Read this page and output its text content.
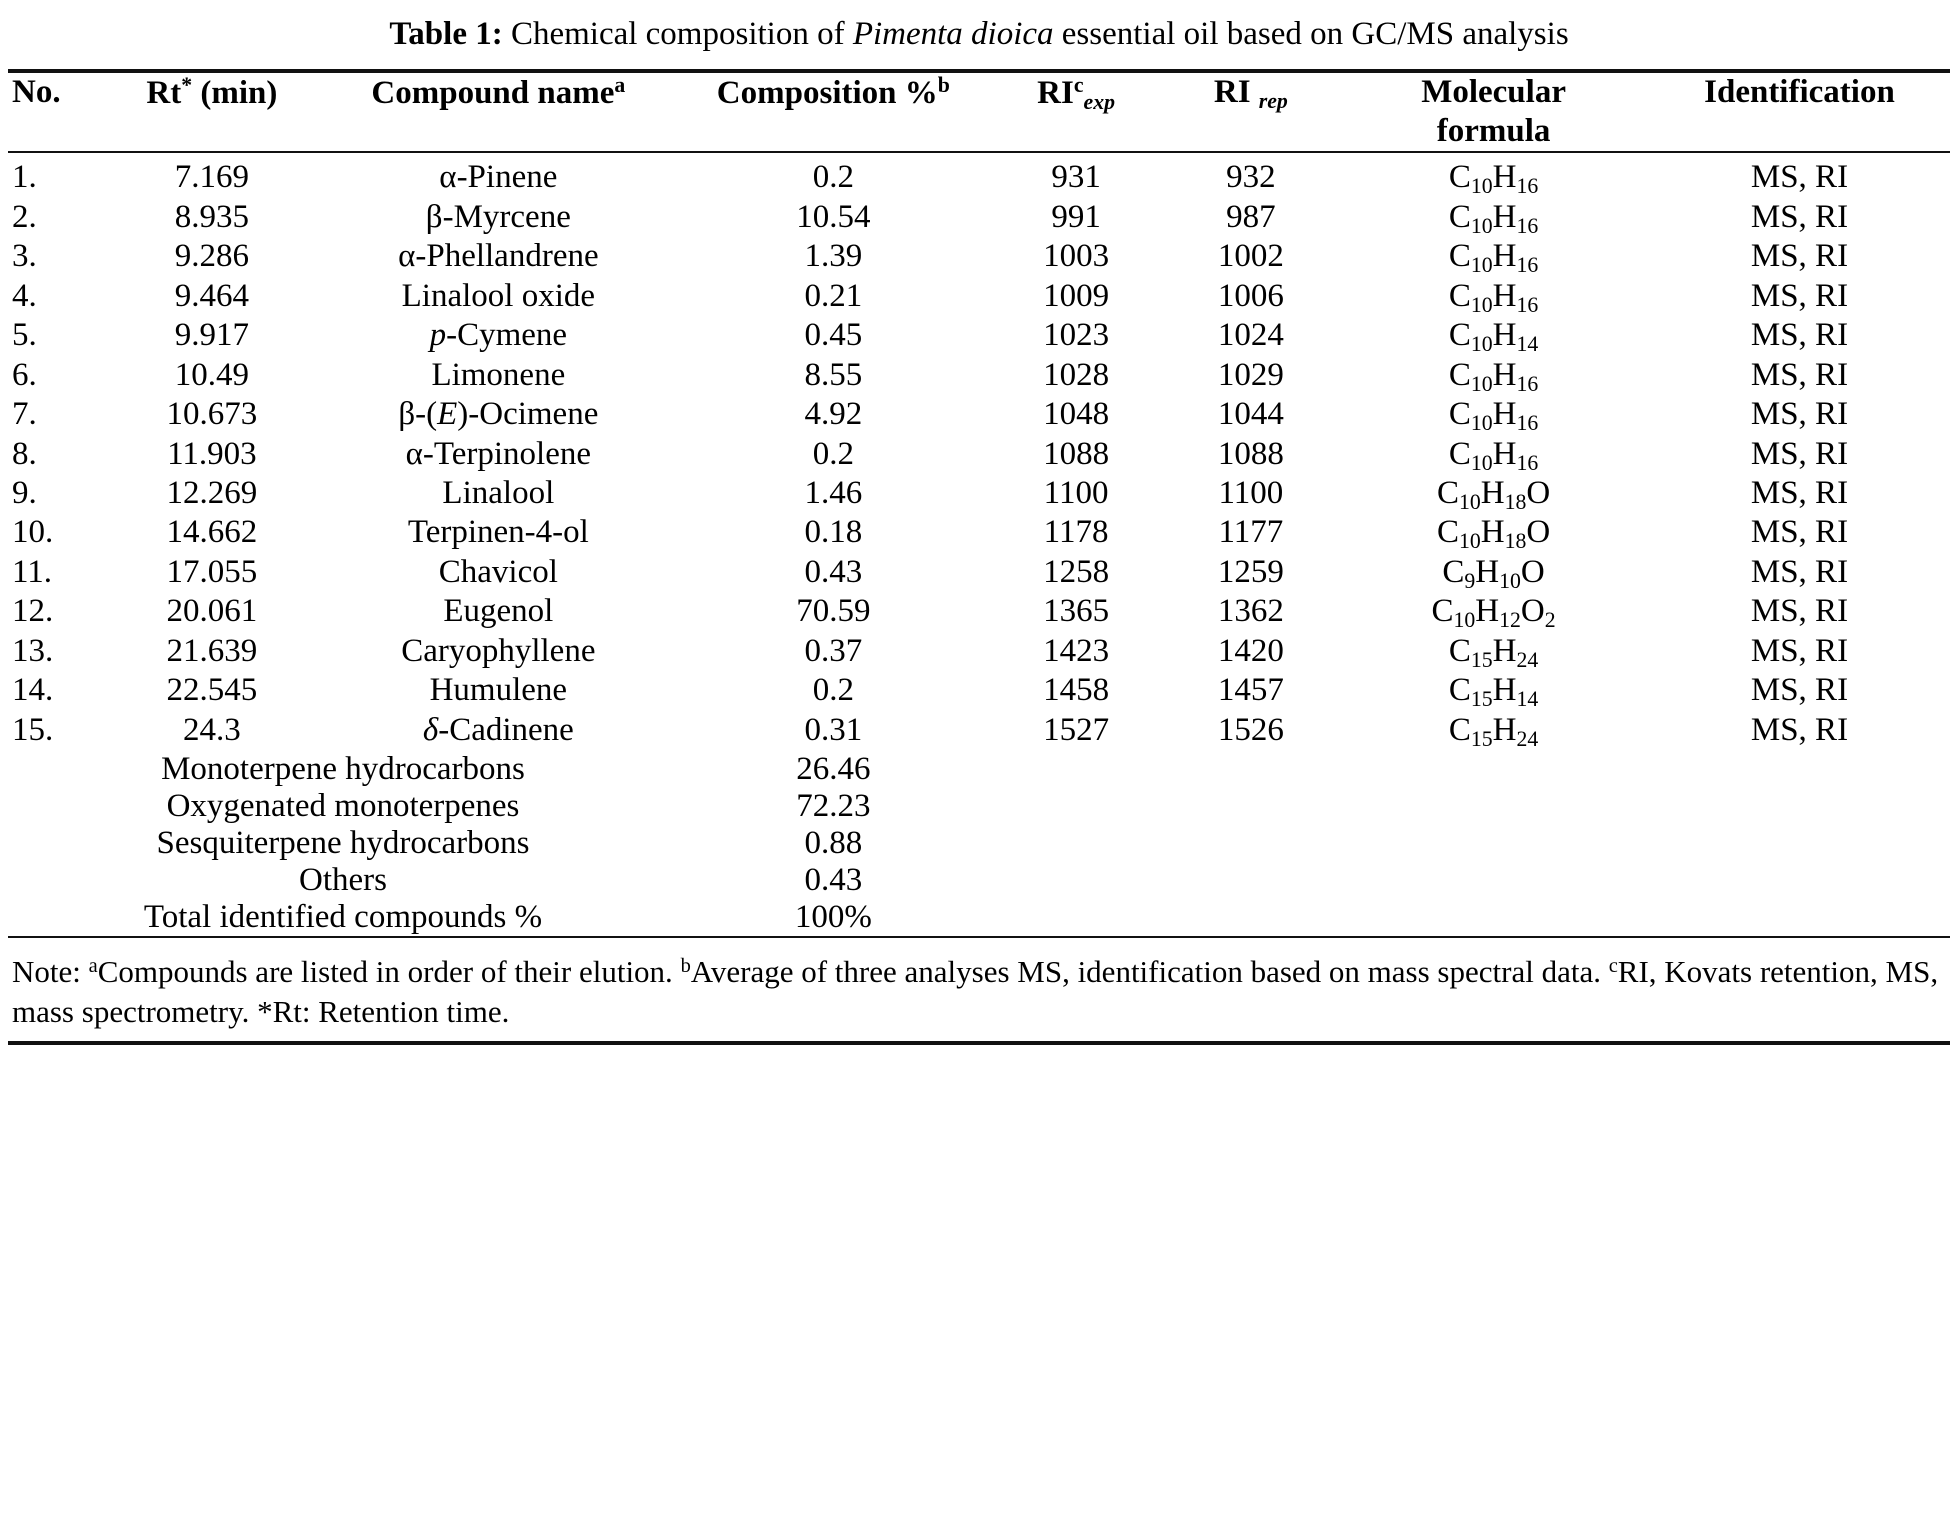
Table 1: Chemical composition of Pimenta dioica essential oil based on GC/MS analysis

No.	Rt* (min)	Compound name$^a$	Composition %$^b$	$RI^c_{exp}$	RI $_{rep}$	Molecular
formula	Identification

1.	7.169	α-Pinene	0.2	931	932	$C_{10}H_{16}$	MS, RI
2.	8.935	β-Myrcene	10.54	991	987	$C_{10}H_{16}$	MS, RI
3.	9.286	α-Phellandrene	1.39	1003	1002	$C_{10}H_{16}$	MS, RI
4.	9.464	Linalool oxide	0.21	1009	1006	$C_{10}H_{16}$	MS, RI
5.	9.917	p-Cymene	0.45	1023	1024	$C_{10}H_{14}$	MS, RI
6.	10.49	Limonene	8.55	1028	1029	$C_{10}H_{16}$	MS, RI
7.	10.673	β-(E)-Ocimene	4.92	1048	1044	$C_{10}H_{16}$	MS, RI
8.	11.903	α-Terpinolene	0.2	1088	1088	$C_{10}H_{16}$	MS, RI
9.	12.269	Linalool	1.46	1100	1100	$C_{10}H_{18}O$	MS, RI
10.	14.662	Terpinen-4-ol	0.18	1178	1177	$C_{10}H_{18}O$	MS, RI
11.	17.055	Chavicol	0.43	1258	1259	$C_9H_{10}O$	MS, RI
12.	20.061	Eugenol	70.59	1365	1362	$C_{10}H_{12}O_2$	MS, RI
13.	21.639	Caryophyllene	0.37	1423	1420	$C_{15}H_{24}$	MS, RI
14.	22.545	Humulene	0.2	1458	1457	$C_{15}H_{14}$	MS, RI
15.	24.3	δ-Cadinene	0.31	1527	1526	$C_{15}H_{24}$	MS, RI
Monoterpene hydrocarbons			26.46				
Oxygenated monoterpenes			72.23				
Sesquiterpene hydrocarbons			0.88				
Others			0.43				
Total identified compounds %			100%				

Note: $^a$Compounds are listed in order of their elution. $^b$Average of three analyses MS, identification based on mass spectral data. $^c$RI, Kovats retention, MS, mass spectrometry. *Rt: Retention time.
